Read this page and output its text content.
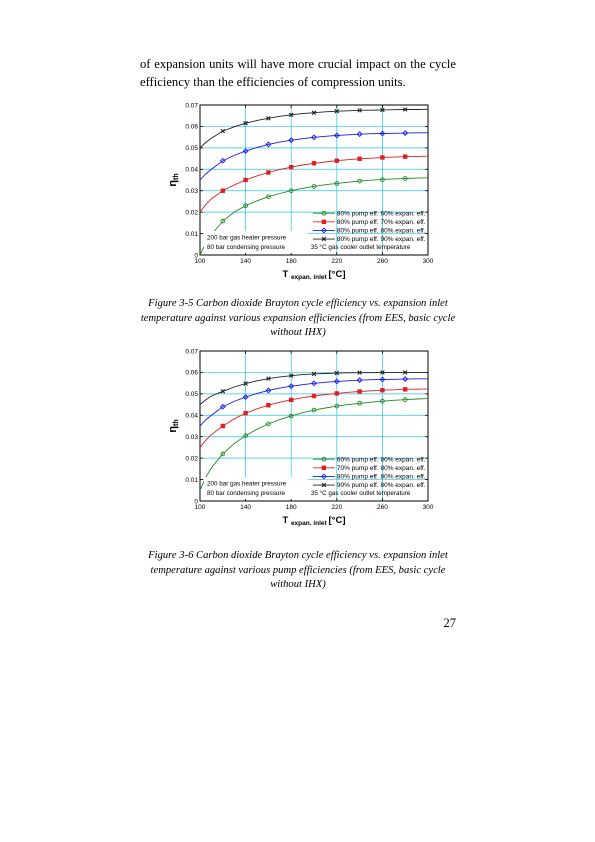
of expansion units will have more crucial impact on the cycle
efficiency than the efficiencies of compression units.

100	140	180	220	260	300
0
0.01
0.02
0.03
0.04
0.05
0.06
0.07
T $_{expan. inlet}$ [°C]
ηth
80% pump eff. 60% expan. eff.
80% pump eff. 70% expan. eff.
80% pump eff. 80% expan. eff.
80% pump eff. 90% expan. eff.
200 bar gas heater pressure
80 bar condensing pressure	35 °C gas cooler outlet temperature

Figure 3-5 Carbon dioxide Brayton cycle efficiency vs. expansion inlet temperature against various expansion efficiencies (from EES, basic cycle without IHX)

100	140	180	220	260	300
0
0.01
0.02
0.03
0.04
0.05
0.06
0.07
T $_{expan. inlet}$ [°C]
ηth
60% pump eff. 80% expan. eff.
70% pump eff. 80% expan. eff.
80% pump eff. 80% expan. eff.
90% pump eff. 80% expan. eff.
200 bar gas heater pressure
80 bar condensing pressure	35 °C gas cooler outlet temperature

Figure 3-6 Carbon dioxide Brayton cycle efficiency vs. expansion inlet temperature against various pump efficiencies (from EES, basic cycle without IHX)

27
